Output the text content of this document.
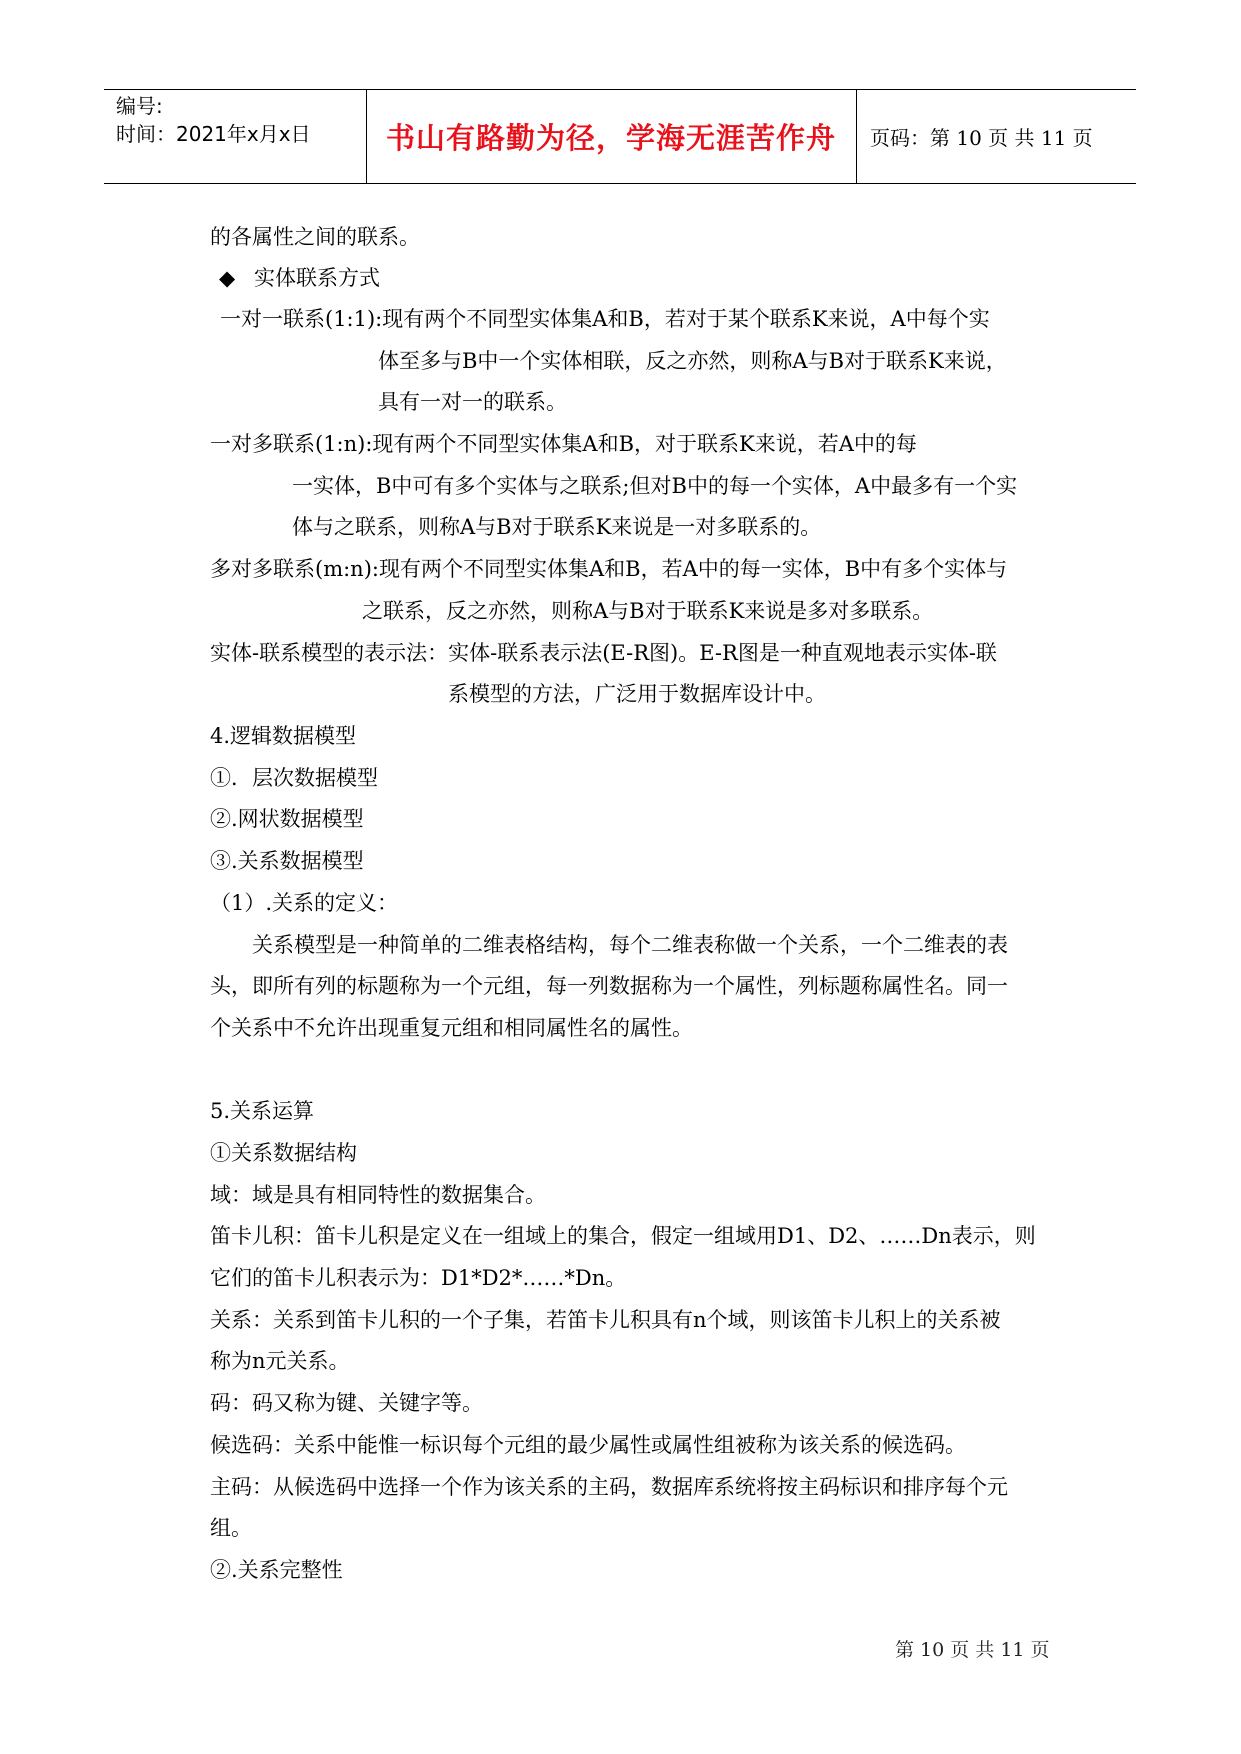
编号:
时间：2021年x月x日	书山有路勤为径，学海无涯苦作舟	页码：第 10 页 共 11 页
的各属性之间的联系。
◆ 实体联系方式
一对一联系(1:1):现有两个不同型实体集A和B，若对于某个联系K来说，A中每个实
体至多与B中一个实体相联，反之亦然，则称A与B对于联系K来说，
具有一对一的联系。
一对多联系(1:n):现有两个不同型实体集A和B，对于联系K来说，若A中的每
一实体，B中可有多个实体与之联系;但对B中的每一个实体，A中最多有一个实
体与之联系，则称A与B对于联系K来说是一对多联系的。
多对多联系(m:n):现有两个不同型实体集A和B，若A中的每一实体，B中有多个实体与
之联系，反之亦然，则称A与B对于联系K来说是多对多联系。
实体-联系模型的表示法：实体-联系表示法(E-R图)。E-R图是一种直观地表示实体-联
系模型的方法，广泛用于数据库设计中。
4.逻辑数据模型
①．层次数据模型
②.网状数据模型
③.关系数据模型
（1）.关系的定义：
关系模型是一种简单的二维表格结构，每个二维表称做一个关系，一个二维表的表
头，即所有列的标题称为一个元组，每一列数据称为一个属性，列标题称属性名。同一
个关系中不允许出现重复元组和相同属性名的属性。
5.关系运算
①关系数据结构
域：域是具有相同特性的数据集合。
笛卡儿积：笛卡儿积是定义在一组域上的集合，假定一组域用D1、D2、……Dn表示，则
它们的笛卡儿积表示为：D1*D2*……*Dn。
关系：关系到笛卡儿积的一个子集，若笛卡儿积具有n个域，则该笛卡儿积上的关系被
称为n元关系。
码：码又称为键、关键字等。
候选码：关系中能惟一标识每个元组的最少属性或属性组被称为该关系的候选码。
主码：从候选码中选择一个作为该关系的主码，数据库系统将按主码标识和排序每个元
组。
②.关系完整性
第 10 页 共 11 页
